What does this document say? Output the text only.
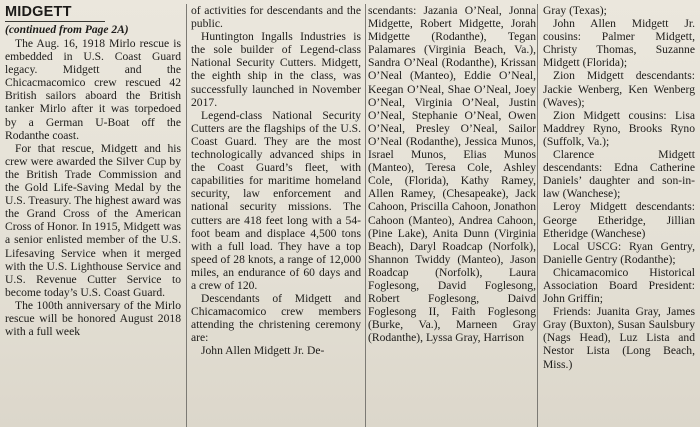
MIDGETT

(continued from Page 2A)

The Aug. 16, 1918 Mirlo rescue is embedded in U.S. Coast Guard legacy. Midgett and the Chicacmacomico crew rescued 42 British sailors aboard the British tanker Mirlo after it was torpedoed by a German U-Boat off the Rodanthe coast.

For that rescue, Midgett and his crew were awarded the Silver Cup by the British Trade Commission and the Gold Life-Saving Medal by the U.S. Treasury. The highest award was the Grand Cross of the American Cross of Honor. In 1915, Midgett was a senior enlisted member of the U.S. Lifesaving Service when it merged with the U.S. Lighthouse Service and U.S. Revenue Cutter Service to become today’s U.S. Coast Guard.

The 100th anniversary of the Mirlo rescue will be honored August 2018 with a full week

of activities for descendants and the public.

Huntington Ingalls Industries is the sole builder of Legend-class National Security Cutters. Midgett, the eighth ship in the class, was successfully launched in November 2017.

Legend-class National Security Cutters are the flagships of the U.S. Coast Guard. They are the most technologically advanced ships in the Coast Guard’s fleet, with capabilities for maritime homeland security, law enforcement and national security missions. The cutters are 418 feet long with a 54-foot beam and displace 4,500 tons with a full load. They have a top speed of 28 knots, a range of 12,000 miles, an endurance of 60 days and a crew of 120.

Descendants of Midgett and Chicamacomico crew members attending the christening ceremony are:

John Allen Midgett Jr. De-

scendants: Jazania O’Neal, Jonna Midgette, Robert Midgette, Jorah Midgette (Rodanthe), Tegan Palamares (Virginia Beach, Va.), Sandra O’Neal (Rodanthe), Krissan O’Neal (Manteo), Eddie O’Neal, Keegan O’Neal, Shae O’Neal, Joey O’Neal, Virginia O’Neal, Justin O’Neal, Stephanie O’Neal, Owen O’Neal, Presley O’Neal, Sailor O’Neal (Rodanthe), Jessica Munos, Israel Munos, Elias Munos (Manteo), Teresa Cole, Ashley Cole, (Florida), Kathy Ramey, Allen Ramey, (Chesapeake), Jack Cahoon, Priscilla Cahoon, Jonathon Cahoon (Manteo), Andrea Cahoon, (Pine Lake), Anita Dunn (Virginia Beach), Daryl Roadcap (Norfolk), Shannon Twiddy (Manteo), Jason Roadcap (Norfolk), Laura Foglesong, David Foglesong, Robert Foglesong, Daivd Foglesong II, Faith Foglesong (Burke, Va.), Marneen Gray (Rodanthe), Lyssa Gray, Harrison

Gray (Texas);

John Allen Midgett Jr. cousins: Palmer Midgett, Christy Thomas, Suzanne Midgett (Florida);

Zion Midgett descendants: Jackie Wenberg, Ken Wenberg (Waves);

Zion Midgett cousins: Lisa Maddrey Ryno, Brooks Ryno (Suffolk, Va.);

Clarence Midgett descendants: Edna Catherine Daniels’ daughter and son-in-law (Wanchese);

Leroy Midgett descendants: George Etheridge, Jillian Etheridge (Wanchese)

Local USCG: Ryan Gentry, Danielle Gentry (Rodanthe);

Chicamacomico Historical Association Board President: John Griffin;

Friends: Juanita Gray, James Gray (Buxton), Susan Saulsbury (Nags Head), Luz Lista and Nestor Lista (Long Beach, Miss.)
